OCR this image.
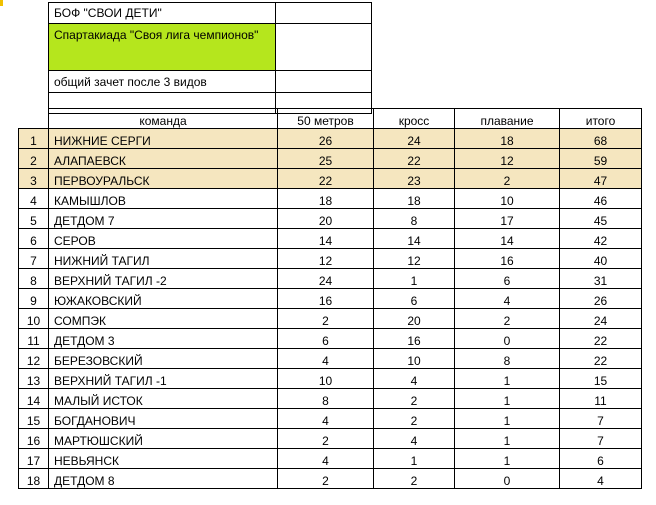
БОФ "СВОИ ДЕТИ"	
Спартакиада "Своя лига чемпионов"	
общий зачет после 3 видов	

	команда	50 метров	кросс	плавание	итого
1	НИЖНИЕ СЕРГИ	26	24	18	68
2	АЛАПАЕВСК	25	22	12	59
3	ПЕРВОУРАЛЬСК	22	23	2	47
4	КАМЫШЛОВ	18	18	10	46
5	ДЕТДОМ 7	20	8	17	45
6	СЕРОВ	14	14	14	42
7	НИЖНИЙ ТАГИЛ	12	12	16	40
8	ВЕРХНИЙ ТАГИЛ -2	24	1	6	31
9	ЮЖАКОВСКИЙ	16	6	4	26
10	СОМПЭК	2	20	2	24
11	ДЕТДОМ 3	6	16	0	22
12	БЕРЕЗОВСКИЙ	4	10	8	22
13	ВЕРХНИЙ ТАГИЛ -1	10	4	1	15
14	МАЛЫЙ ИСТОК	8	2	1	11
15	БОГДАНОВИЧ	4	2	1	7
16	МАРТЮШСКИЙ	2	4	1	7
17	НЕВЬЯНСК	4	1	1	6
18	ДЕТДОМ 8	2	2	0	4
